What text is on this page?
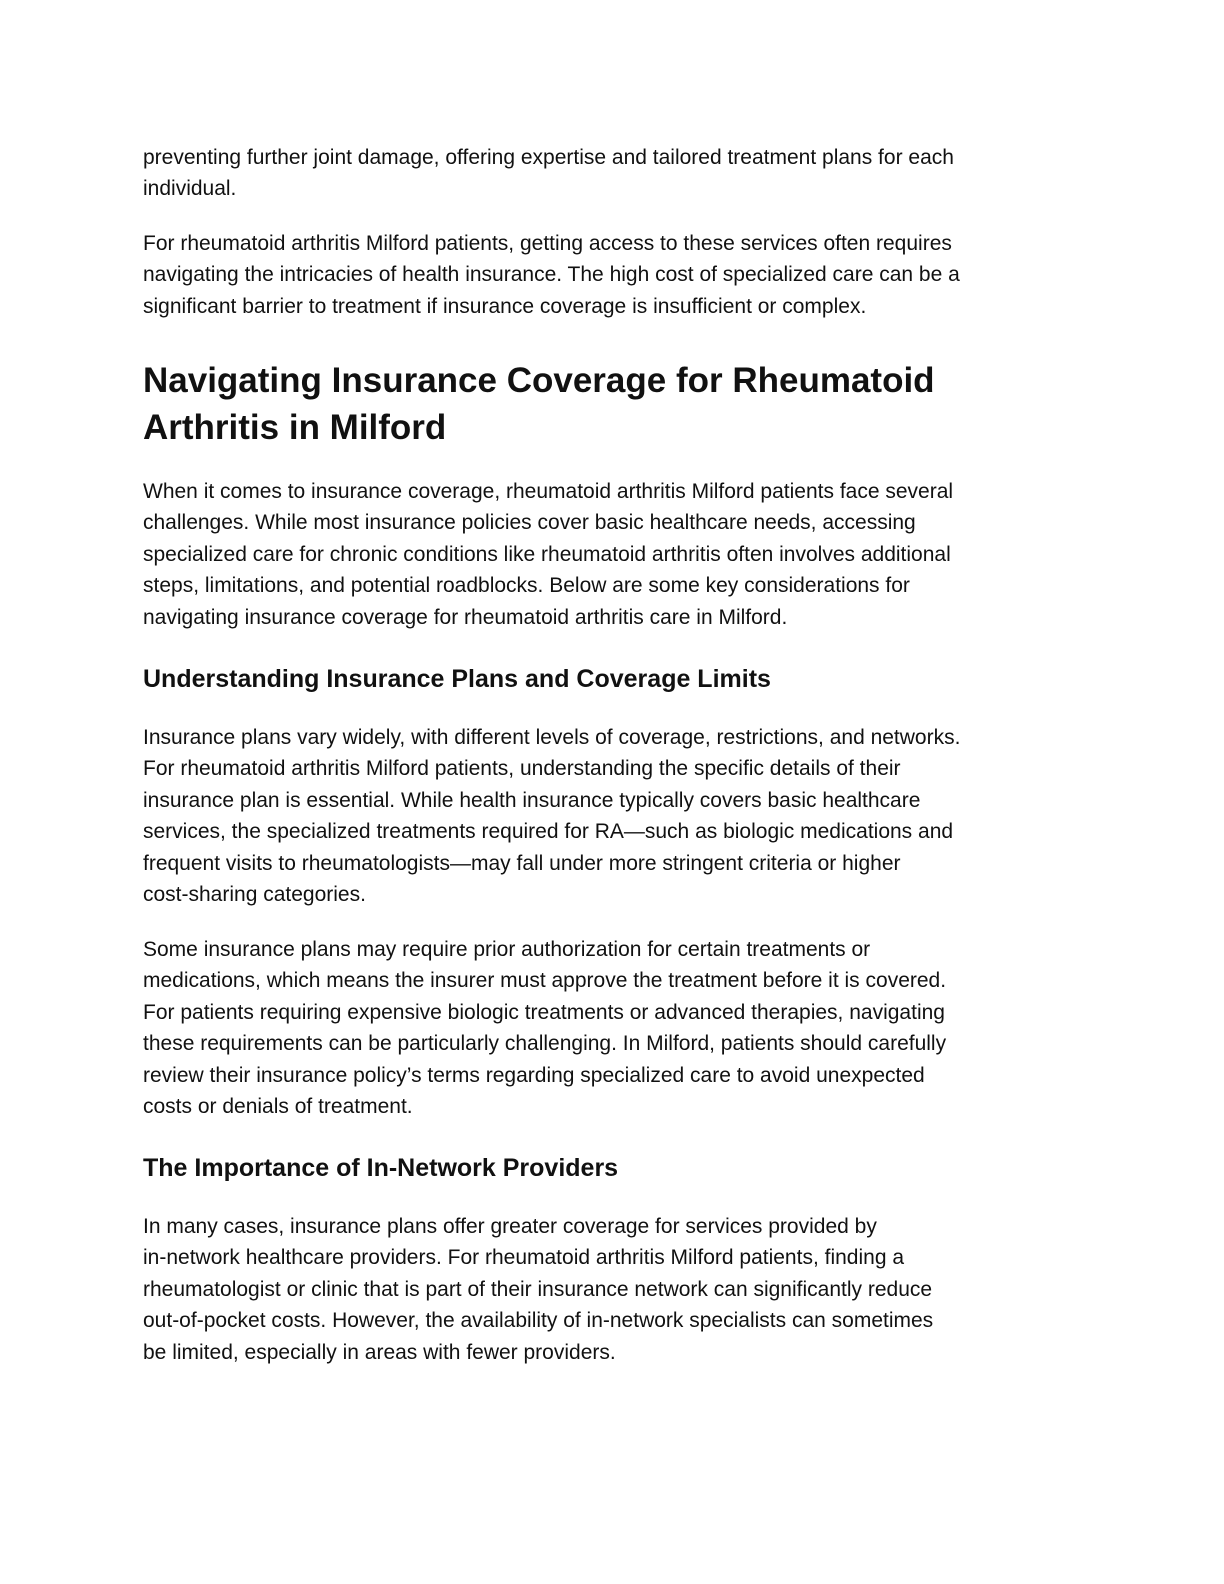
preventing further joint damage, offering expertise and tailored treatment plans for each
individual.

For rheumatoid arthritis Milford patients, getting access to these services often requires
navigating the intricacies of health insurance. The high cost of specialized care can be a
significant barrier to treatment if insurance coverage is insufficient or complex.

Navigating Insurance Coverage for Rheumatoid
Arthritis in Milford

When it comes to insurance coverage, rheumatoid arthritis Milford patients face several
challenges. While most insurance policies cover basic healthcare needs, accessing
specialized care for chronic conditions like rheumatoid arthritis often involves additional
steps, limitations, and potential roadblocks. Below are some key considerations for
navigating insurance coverage for rheumatoid arthritis care in Milford.

Understanding Insurance Plans and Coverage Limits

Insurance plans vary widely, with different levels of coverage, restrictions, and networks.
For rheumatoid arthritis Milford patients, understanding the specific details of their
insurance plan is essential. While health insurance typically covers basic healthcare
services, the specialized treatments required for RA—such as biologic medications and
frequent visits to rheumatologists—may fall under more stringent criteria or higher
cost-sharing categories.

Some insurance plans may require prior authorization for certain treatments or
medications, which means the insurer must approve the treatment before it is covered.
For patients requiring expensive biologic treatments or advanced therapies, navigating
these requirements can be particularly challenging. In Milford, patients should carefully
review their insurance policy’s terms regarding specialized care to avoid unexpected
costs or denials of treatment.

The Importance of In-Network Providers

In many cases, insurance plans offer greater coverage for services provided by
in-network healthcare providers. For rheumatoid arthritis Milford patients, finding a
rheumatologist or clinic that is part of their insurance network can significantly reduce
out-of-pocket costs. However, the availability of in-network specialists can sometimes
be limited, especially in areas with fewer providers.
